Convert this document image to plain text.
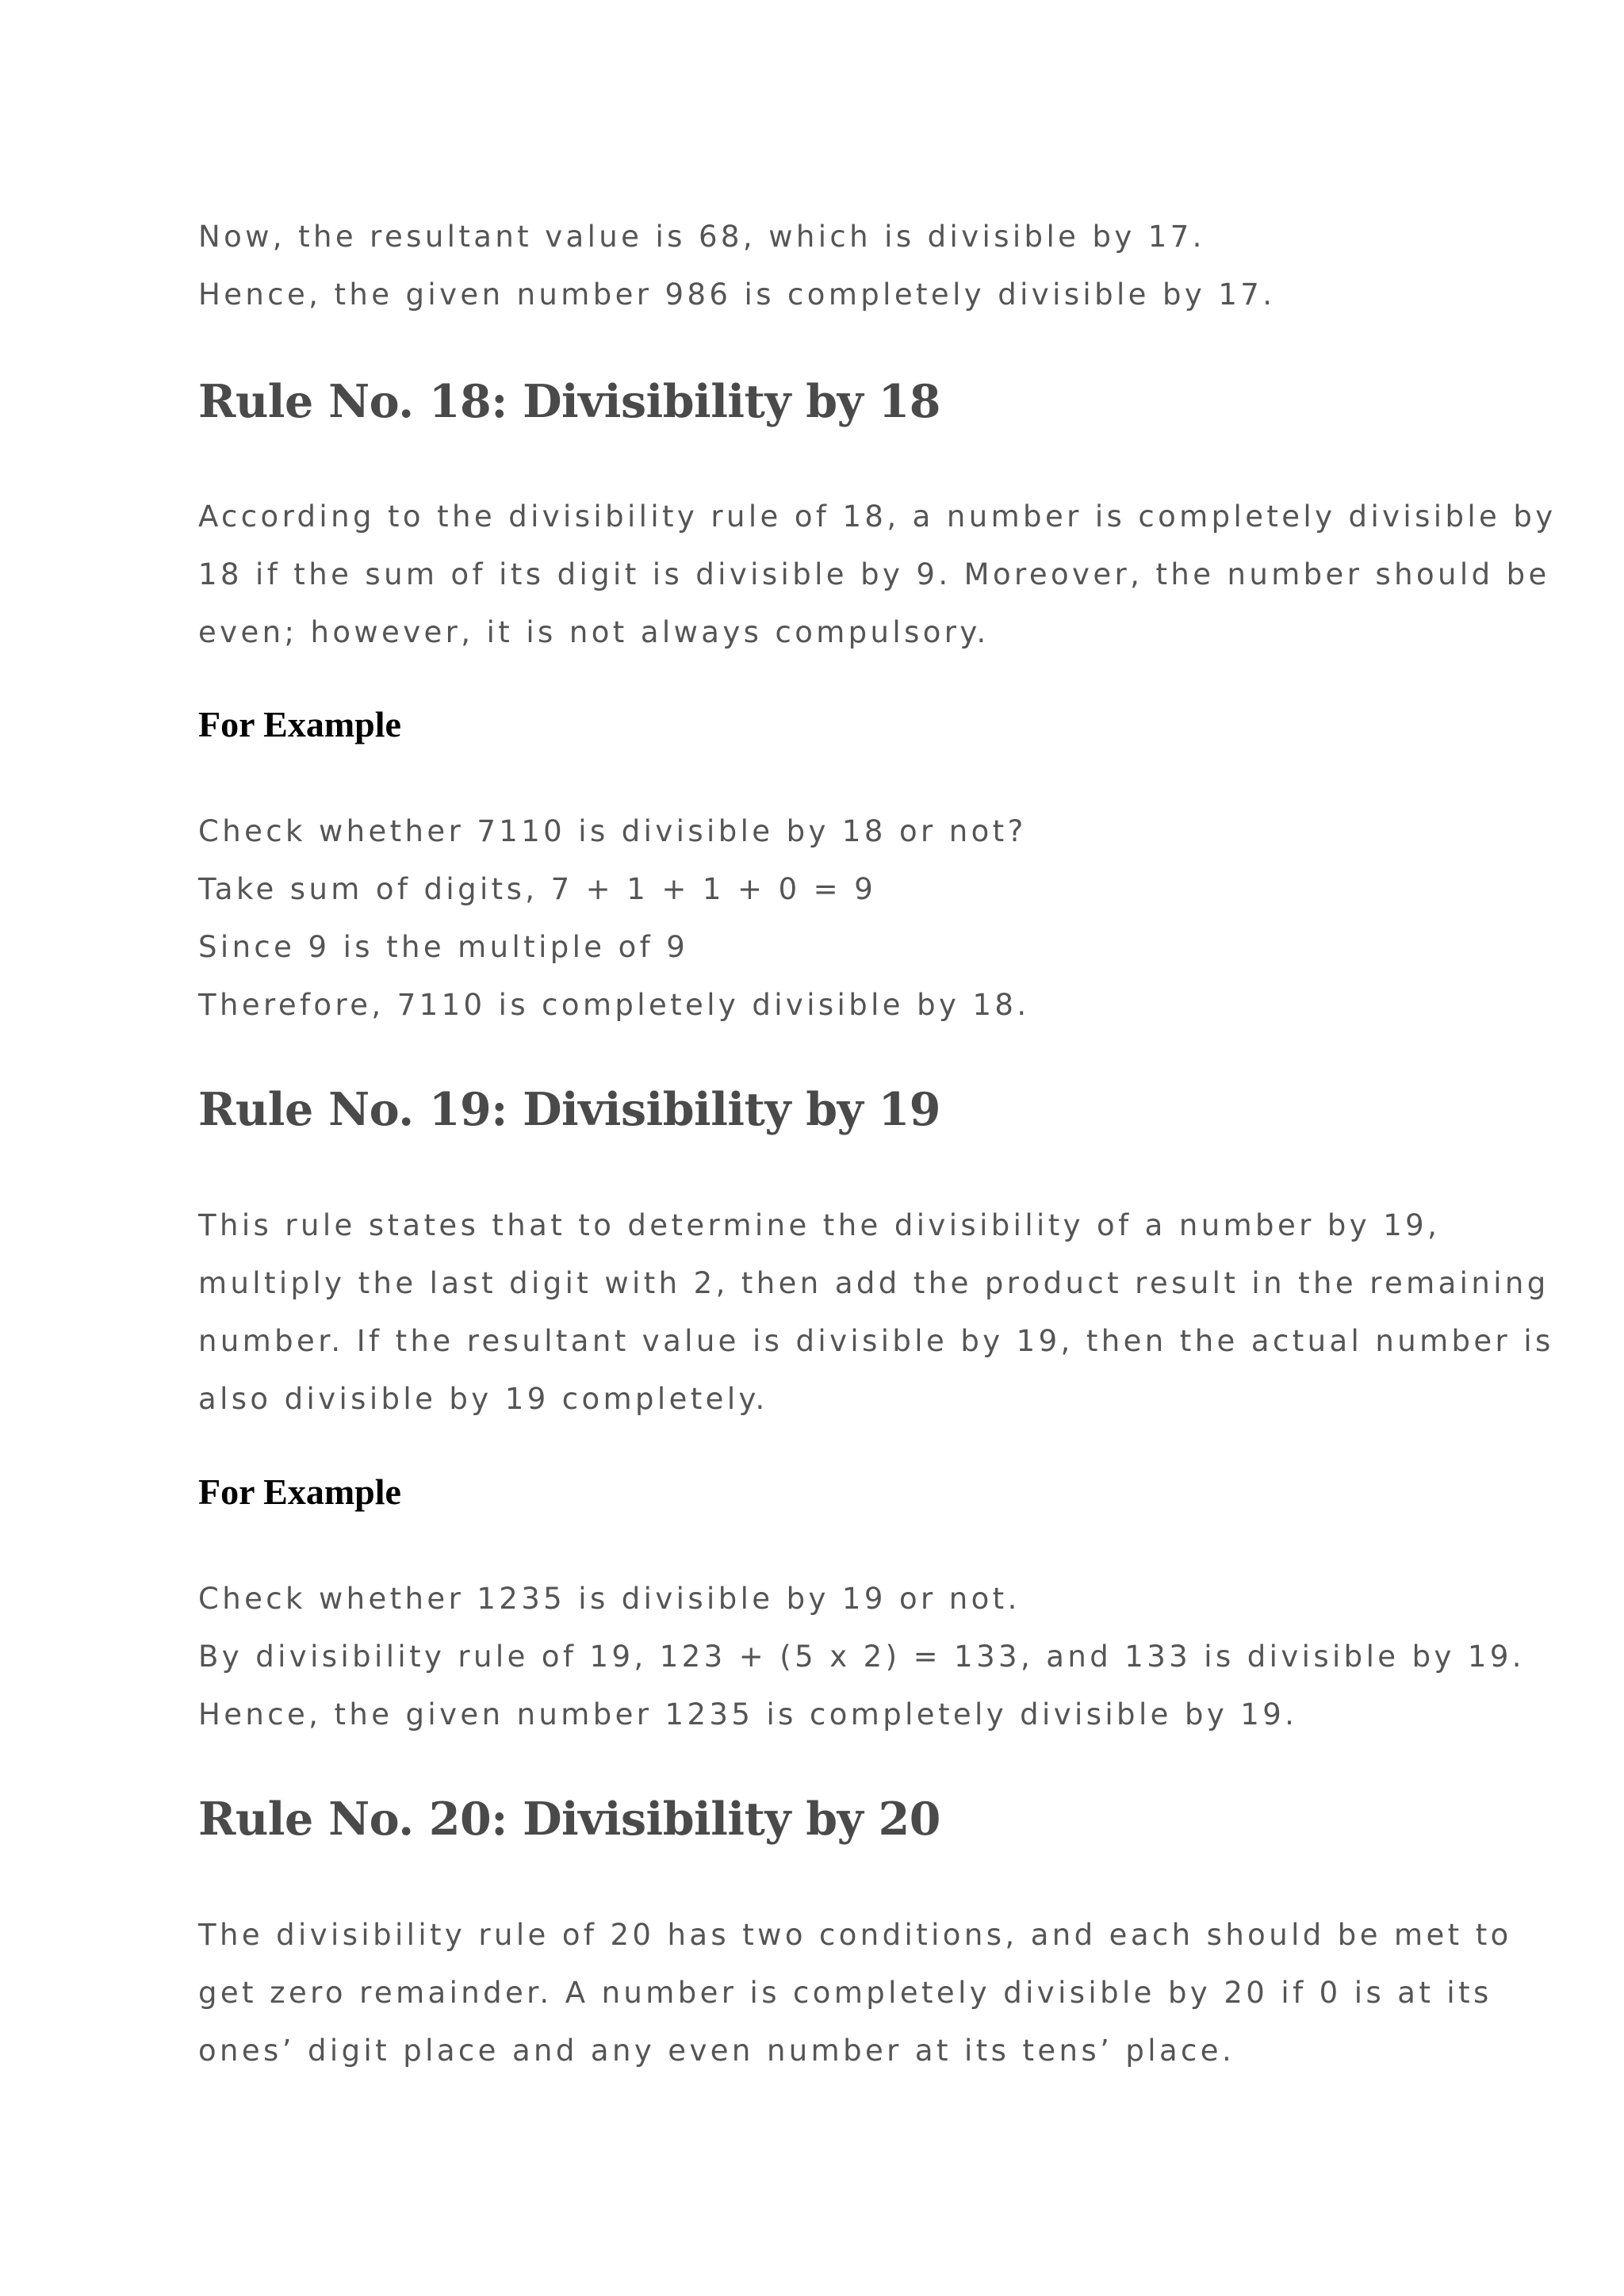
Now, the resultant value is 68, which is divisible by 17.

Hence, the given number 986 is completely divisible by 17.

Rule No. 18: Divisibility by 18

According to the divisibility rule of 18, a number is completely divisible by

18 if the sum of its digit is divisible by 9. Moreover, the number should be

even; however, it is not always compulsory.

For Example

Check whether 7110 is divisible by 18 or not?

Take sum of digits, 7 + 1 + 1 + 0 = 9

Since 9 is the multiple of 9

Therefore, 7110 is completely divisible by 18.

Rule No. 19: Divisibility by 19

This rule states that to determine the divisibility of a number by 19,

multiply the last digit with 2, then add the product result in the remaining

number. If the resultant value is divisible by 19, then the actual number is

also divisible by 19 completely.

For Example

Check whether 1235 is divisible by 19 or not.

By divisibility rule of 19, 123 + (5 x 2) = 133, and 133 is divisible by 19.

Hence, the given number 1235 is completely divisible by 19.

Rule No. 20: Divisibility by 20

The divisibility rule of 20 has two conditions, and each should be met to

get zero remainder. A number is completely divisible by 20 if 0 is at its

ones’ digit place and any even number at its tens’ place.
